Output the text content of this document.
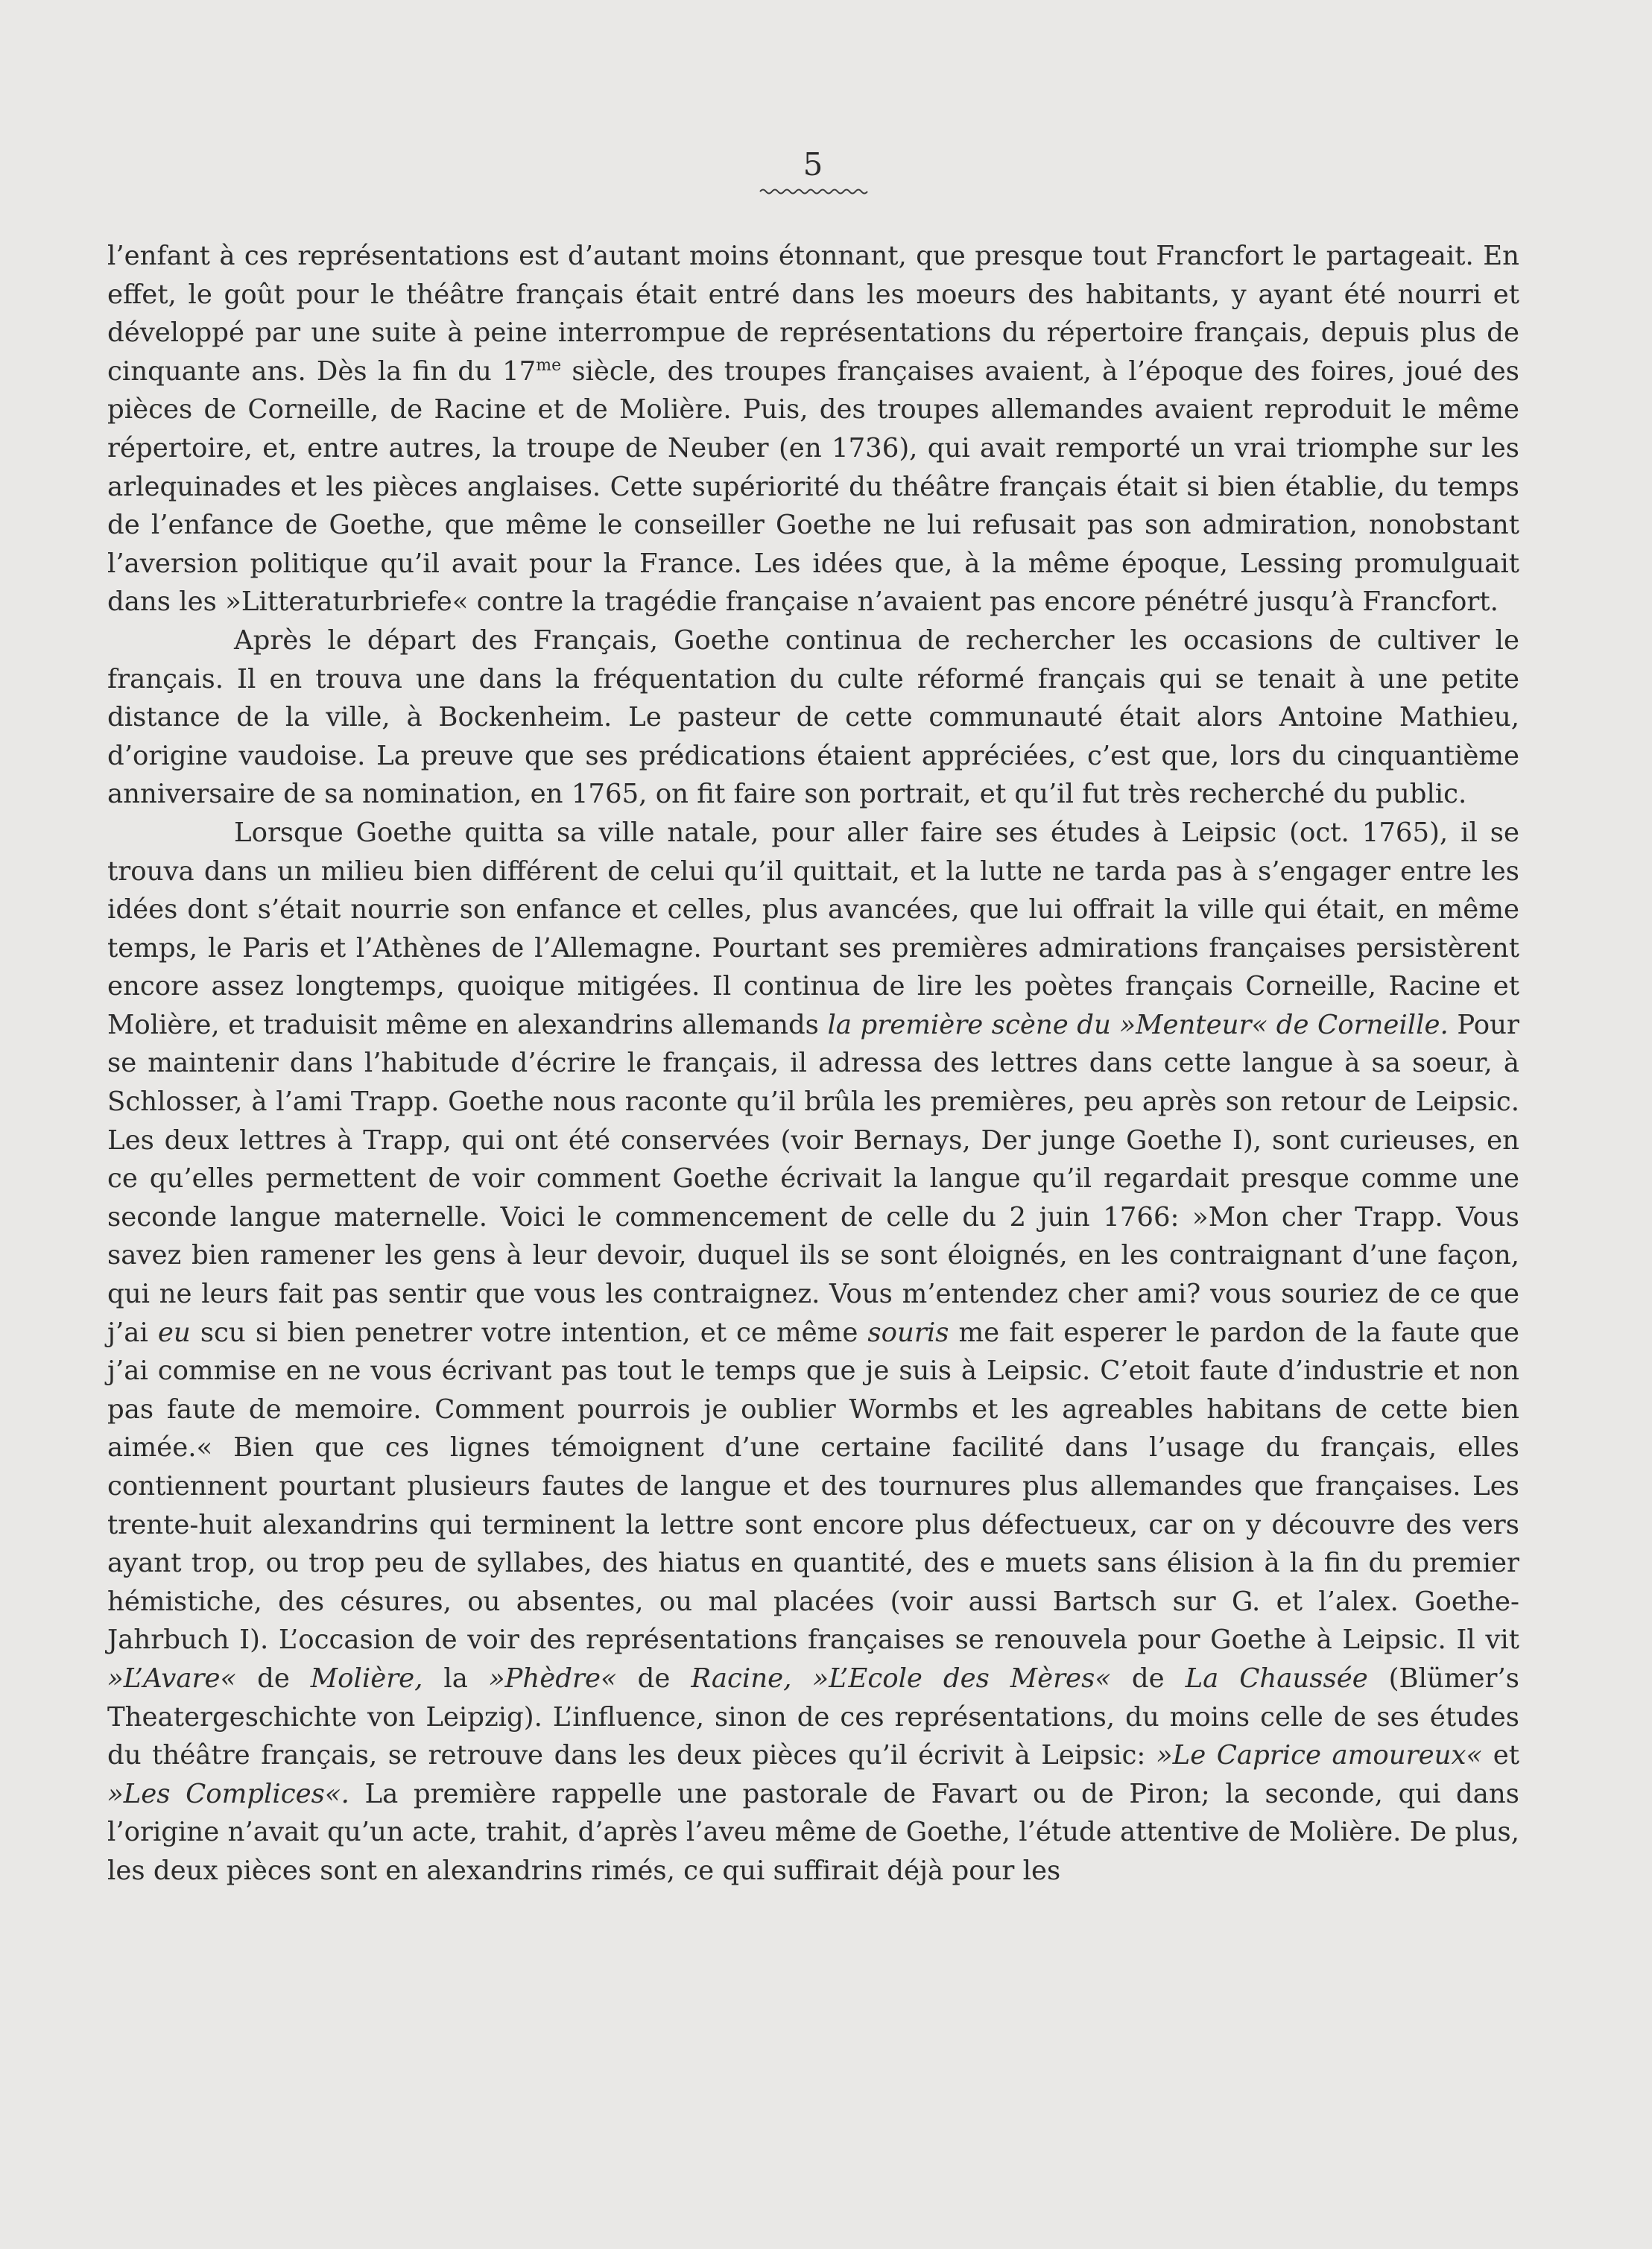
5

l’enfant à ces représentations est d’autant moins étonnant, que presque tout Francfort le partageait. En effet, le goût pour le théâtre français était entré dans les moeurs des habitants, y ayant été nourri et développé par une suite à peine interrompue de représentations du répertoire français, depuis plus de cinquante ans. Dès la fin du $17^{me}$ siècle, des troupes françaises avaient, à l’époque des foires, joué des pièces de Corneille, de Racine et de Molière. Puis, des troupes allemandes avaient reproduit le même répertoire, et, entre autres, la troupe de Neuber (en 1736), qui avait remporté un vrai triomphe sur les arlequinades et les pièces anglaises. Cette supériorité du théâtre français était si bien établie, du temps de l’enfance de Goethe, que même le conseiller Goethe ne lui refusait pas son admiration, nonobstant l’aversion politique qu’il avait pour la France. Les idées que, à la même époque, Lessing promulguait dans les »Litteraturbriefe« contre la tragédie française n’avaient pas encore pénétré jusqu’à Francfort.

Après le départ des Français, Goethe continua de rechercher les occasions de cultiver le français. Il en trouva une dans la fréquentation du culte réformé français qui se tenait à une petite distance de la ville, à Bockenheim. Le pasteur de cette communauté était alors Antoine Mathieu, d’origine vaudoise. La preuve que ses prédications étaient appréciées, c’est que, lors du cinquantième anniversaire de sa nomination, en 1765, on fit faire son portrait, et qu’il fut très recherché du public.

Lorsque Goethe quitta sa ville natale, pour aller faire ses études à Leipsic (oct. 1765), il se trouva dans un milieu bien différent de celui qu’il quittait, et la lutte ne tarda pas à s’engager entre les idées dont s’était nourrie son enfance et celles, plus avancées, que lui offrait la ville qui était, en même temps, le Paris et l’Athènes de l’Allemagne. Pourtant ses premières admirations françaises persistèrent encore assez longtemps, quoique mitigées. Il continua de lire les poètes français Corneille, Racine et Molière, et traduisit même en alexandrins allemands la première scène du »Menteur« de Corneille. Pour se maintenir dans l’habitude d’écrire le français, il adressa des lettres dans cette langue à sa soeur, à Schlosser, à l’ami Trapp. Goethe nous raconte qu’il brûla les premières, peu après son retour de Leipsic. Les deux lettres à Trapp, qui ont été conservées (voir Bernays, Der junge Goethe I), sont curieuses, en ce qu’elles permettent de voir comment Goethe écrivait la langue qu’il regardait presque comme une seconde langue maternelle. Voici le commencement de celle du 2 juin 1766: »Mon cher Trapp. Vous savez bien ramener les gens à leur devoir, duquel ils se sont éloignés, en les contraignant d’une façon, qui ne leurs fait pas sentir que vous les contraignez. Vous m’entendez cher ami? vous souriez de ce que j’ai eu scu si bien penetrer votre intention, et ce même souris me fait esperer le pardon de la faute que j’ai commise en ne vous écrivant pas tout le temps que je suis à Leipsic. C’etoit faute d’industrie et non pas faute de memoire. Comment pourrois je oublier Wormbs et les agreables habitans de cette bien aimée.« Bien que ces lignes témoignent d’une certaine facilité dans l’usage du français, elles contiennent pourtant plusieurs fautes de langue et des tournures plus allemandes que françaises. Les trente-huit alexandrins qui terminent la lettre sont encore plus défectueux, car on y découvre des vers ayant trop, ou trop peu de syllabes, des hiatus en quantité, des e muets sans élision à la fin du premier hémistiche, des césures, ou absentes, ou mal placées (voir aussi Bartsch sur G. et l’alex. Goethe-Jahrbuch I). L’occasion de voir des représentations françaises se renouvela pour Goethe à Leipsic. Il vit »L’Avare« de Molière, la »Phèdre« de Racine, »L’Ecole des Mères« de La Chaussée (Blümer’s Theatergeschichte von Leipzig). L’influence, sinon de ces représentations, du moins celle de ses études du théâtre français, se retrouve dans les deux pièces qu’il écrivit à Leipsic: »Le Caprice amoureux« et »Les Complices«. La première rappelle une pastorale de Favart ou de Piron; la seconde, qui dans l’origine n’avait qu’un acte, trahit, d’après l’aveu même de Goethe, l’étude attentive de Molière. De plus, les deux pièces sont en alexandrins rimés, ce qui suffirait déjà pour les
